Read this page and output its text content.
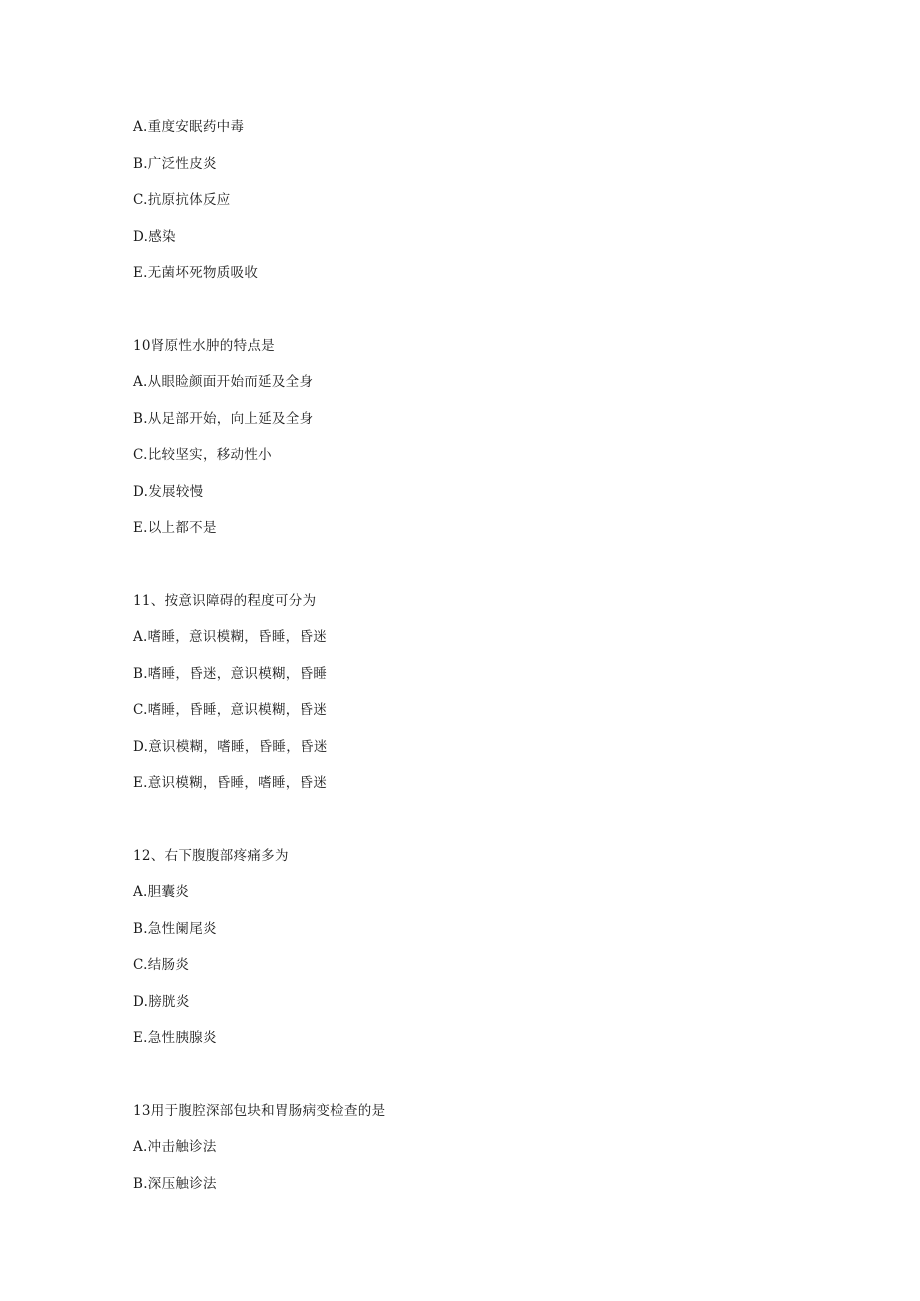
A.重度安眠药中毒
B.广泛性皮炎
C.抗原抗体反应
D.感染
E.无菌坏死物质吸收
10肾原性水肿的特点是
A.从眼睑颜面开始而延及全身
B.从足部开始，向上延及全身
C.比较坚实，移动性小
D.发展较慢
E.以上都不是
11、按意识障碍的程度可分为
A.嗜睡，意识模糊，昏睡，昏迷
B.嗜睡，昏迷，意识模糊，昏睡
C.嗜睡，昏睡，意识模糊，昏迷
D.意识模糊，嗜睡，昏睡，昏迷
E.意识模糊，昏睡，嗜睡，昏迷
12、右下腹腹部疼痛多为
A.胆囊炎
B.急性阑尾炎
C.结肠炎
D.膀胱炎
E.急性胰腺炎
13用于腹腔深部包块和胃肠病变检查的是
A.冲击触诊法
B.深压触诊法
